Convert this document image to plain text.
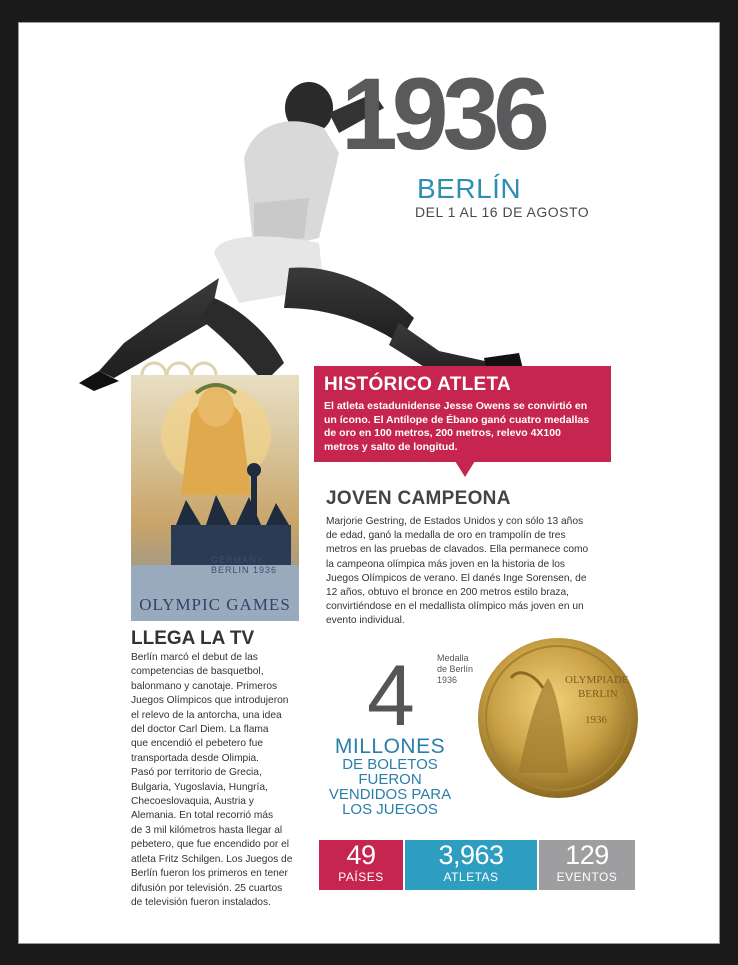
1936
BERLÍN
DEL 1 AL 16 DE AGOSTO
GERMANY
BERLIN 1936
OLYMPIC GAMES
HISTÓRICO ATLETA

El atleta estadunidense Jesse Owens se convirtió en
un ícono. El Antílope de Ébano ganó cuatro medallas
de oro en 100 metros, 200 metros, relevo 4X100
metros y salto de longitud.

JOVEN CAMPEONA
Marjorie Gestring, de Estados Unidos y con sólo 13 años
de edad, ganó la medalla de oro en trampolín de tres
metros en las pruebas de clavados. Ella permanece como
la campeona olímpica más joven en la historia de los
Juegos Olímpicos de verano. El danés Inge Sorensen, de
12 años, obtuvo el bronce en 200 metros estilo braza,
convirtiéndose en el medallista olímpico más joven en un
evento individual.
LLEGA LA TV
Berlín marcó el debut de las
competencias de basquetbol,
balonmano y canotaje. Primeros
Juegos Olímpicos que introdujeron
el relevo de la antorcha, una idea
del doctor Carl Diem. La flama
que encendió el pebetero fue
transportada desde Olimpia.
Pasó por territorio de Grecia,
Bulgaria, Yugoslavia, Hungría,
Checoeslovaquia, Austria y
Alemania. En total recorrió más
de 3 mil kilómetros hasta llegar al
pebetero, que fue encendido por el
atleta Fritz Schilgen. Los Juegos de
Berlín fueron los primeros en tener
difusión por televisión. 25 cuartos
de televisión fueron instalados.
4
MILLONES
DE BOLETOS
FUERON
VENDIDOS PARA
LOS JUEGOS
Medalla
de Berlín
1936	OLYMPIADE
BERLIN
1936
49
PAÍSES
3,963
ATLETAS
129
EVENTOS
